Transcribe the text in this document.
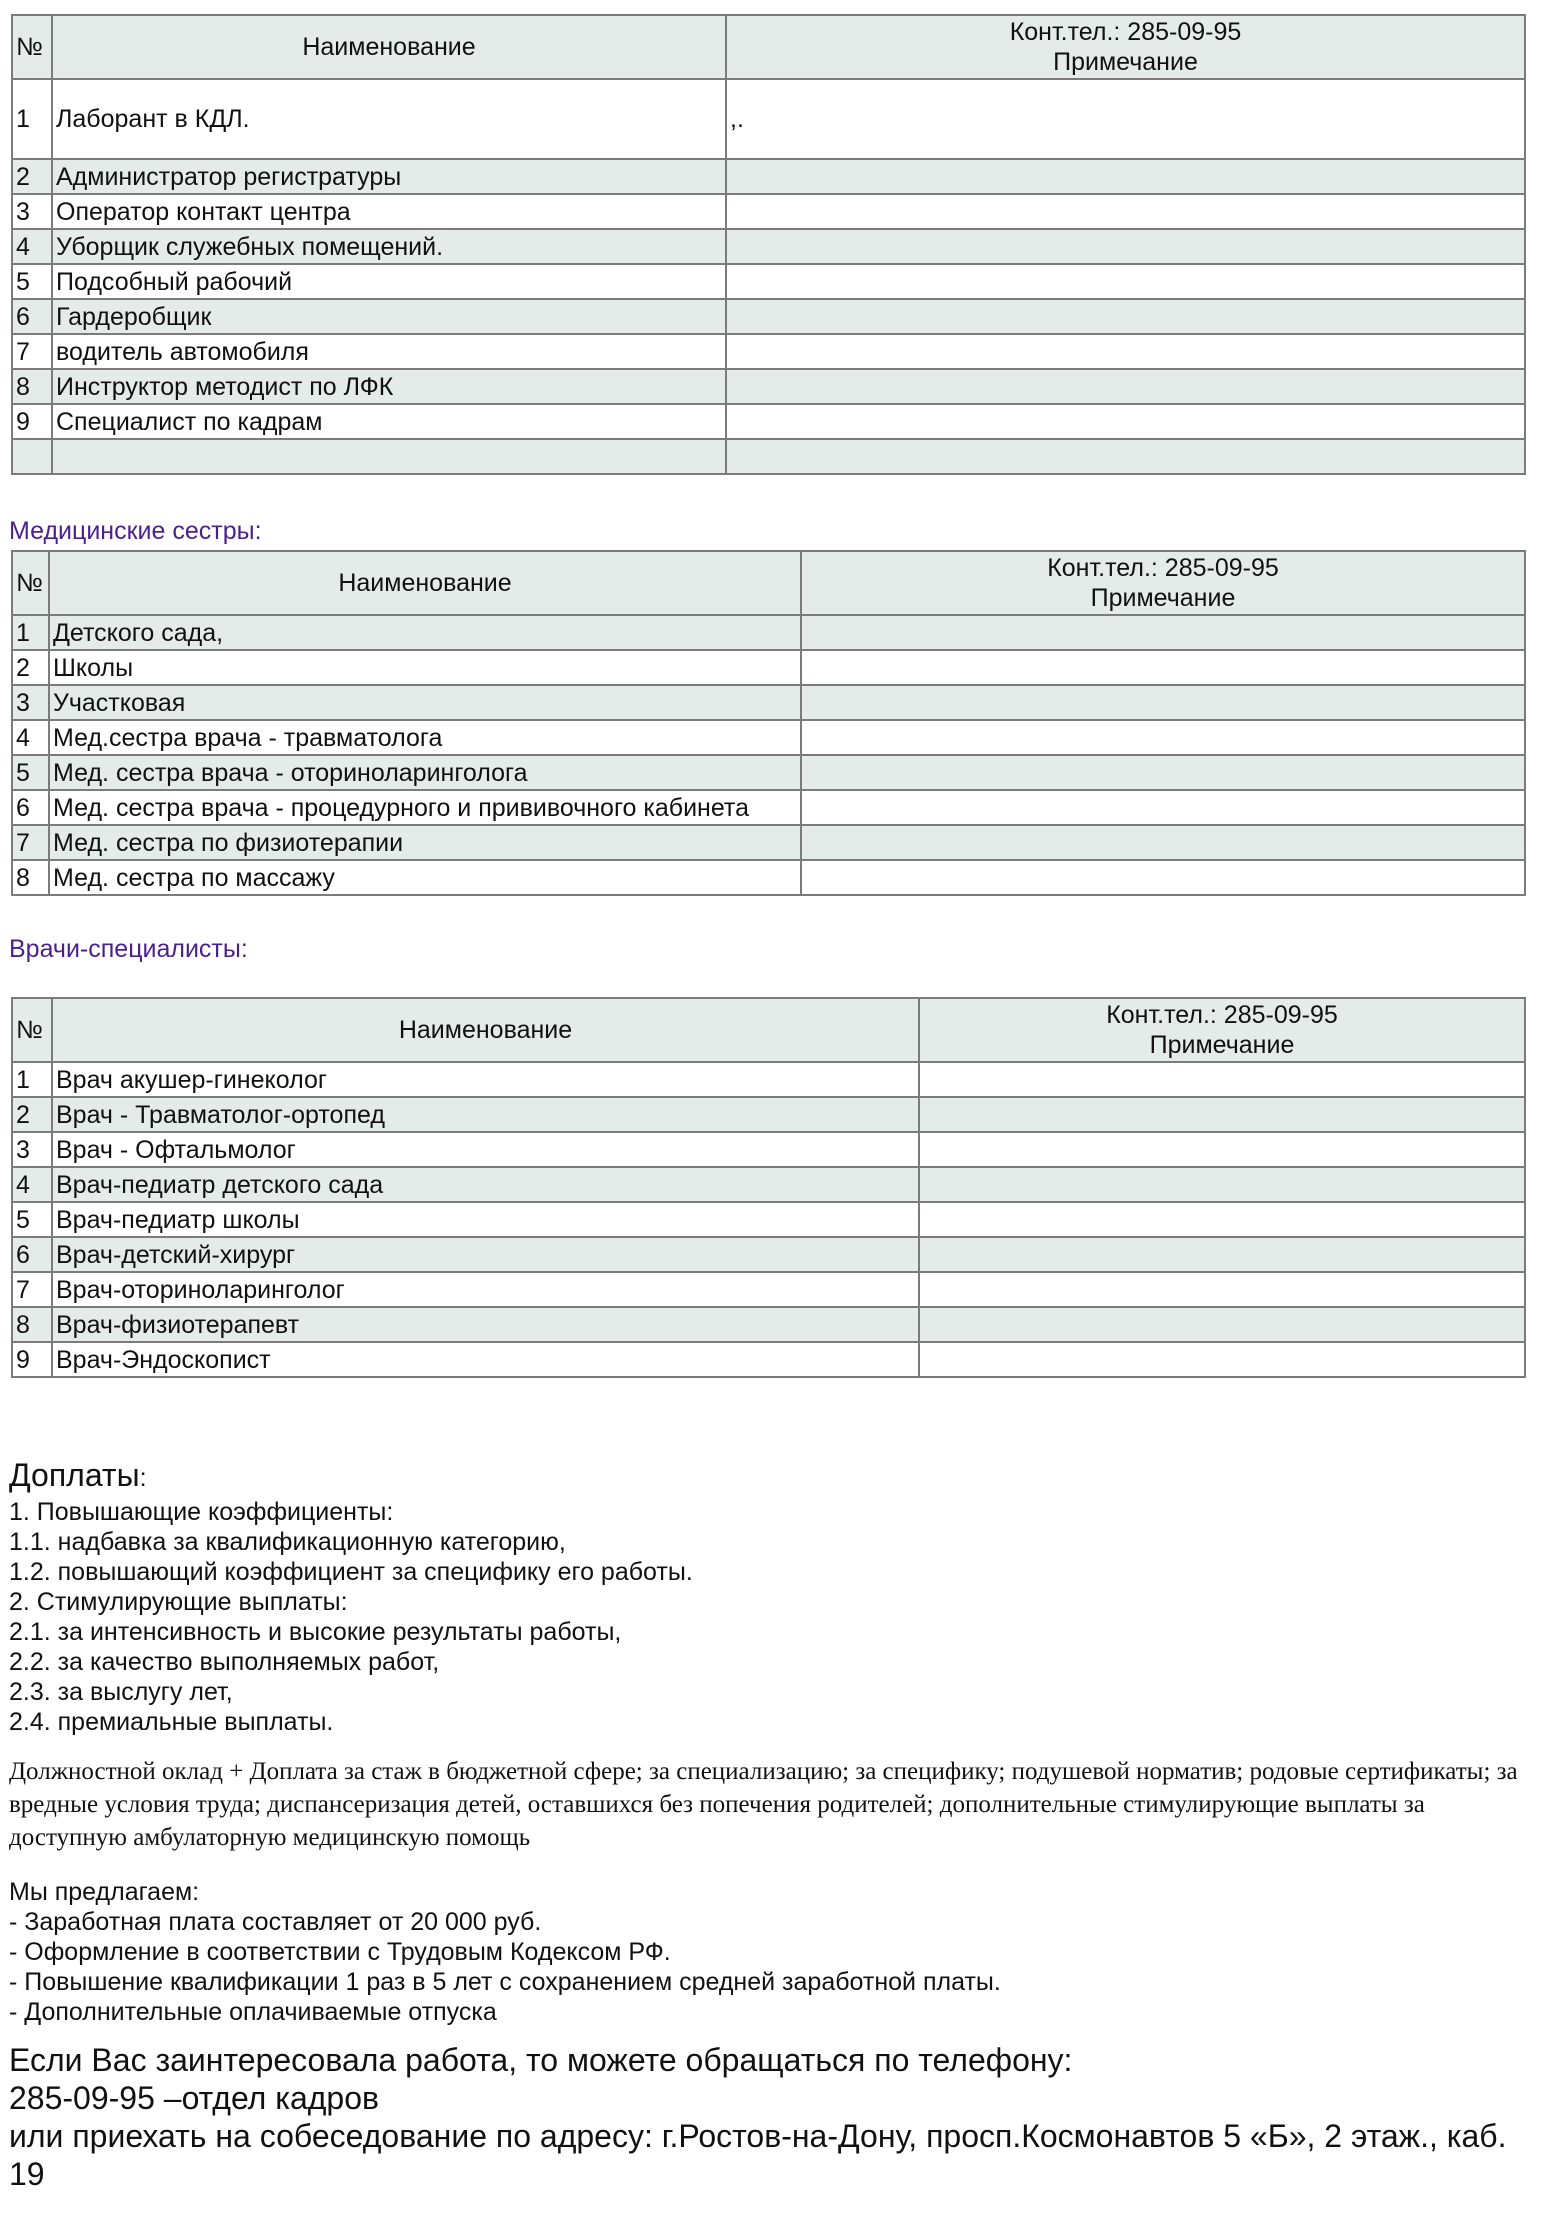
№	Наименование	Конт.тел.: 285-09-95
Примечание

1	Лаборант в КДЛ.	,.
2	Администратор регистратуры	
3	Оператор контакт центра	
4	Уборщик служебных помещений.	
5	Подсобный рабочий	
6	Гардеробщик	
7	водитель автомобиля	
8	Инструктор методист по ЛФК	
9	Специалист по кадрам	

Медицинские сестры:
№	Наименование	Конт.тел.: 285-09-95
Примечание

1	Детского сада,	
2	Школы	
3	Участковая	
4	Мед.сестра врача - травматолога	
5	Мед. сестра врача - оториноларинголога	
6	Мед. сестра врача - процедурного и прививочного кабинета	
7	Мед. сестра по физиотерапии	
8	Мед. сестра по массажу	
Врачи-специалисты:
№	Наименование	Конт.тел.: 285-09-95
Примечание

1	Врач акушер-гинеколог	
2	Врач - Травматолог-ортопед	
3	Врач - Офтальмолог	
4	Врач-педиатр детского сада	
5	Врач-педиатр школы	
6	Врач-детский-хирург	
7	Врач-оториноларинголог	
8	Врач-физиотерапевт	
9	Врач-Эндоскопист	
Доплаты:
1. Повышающие коэффициенты:
1.1. надбавка за квалификационную категорию,
1.2. повышающий коэффициент за специфику его работы.
2. Стимулирующие выплаты:
2.1. за интенсивность и высокие результаты работы,
2.2. за качество выполняемых работ,
2.3. за выслугу лет,
2.4. премиальные выплаты.
Должностной оклад + Доплата за стаж в бюджетной сфере; за специализацию; за специфику; подушевой норматив; родовые сертификаты; за вредные условия труда; диспансеризация детей, оставшихся без попечения родителей; дополнительные стимулирующие выплаты за доступную амбулаторную медицинскую помощь
Мы предлагаем:
- Заработная плата составляет от 20 000 руб.
- Оформление в соответствии с Трудовым Кодексом РФ.
- Повышение квалификации 1 раз в 5 лет с сохранением средней заработной платы.
- Дополнительные оплачиваемые отпуска
Если Вас заинтересовала работа, то можете обращаться по телефону:
285-09-95 –отдел кадров
или приехать на собеседование по адресу: г.Ростов-на-Дону, просп.Космонавтов 5 «Б», 2 этаж., каб. 19
